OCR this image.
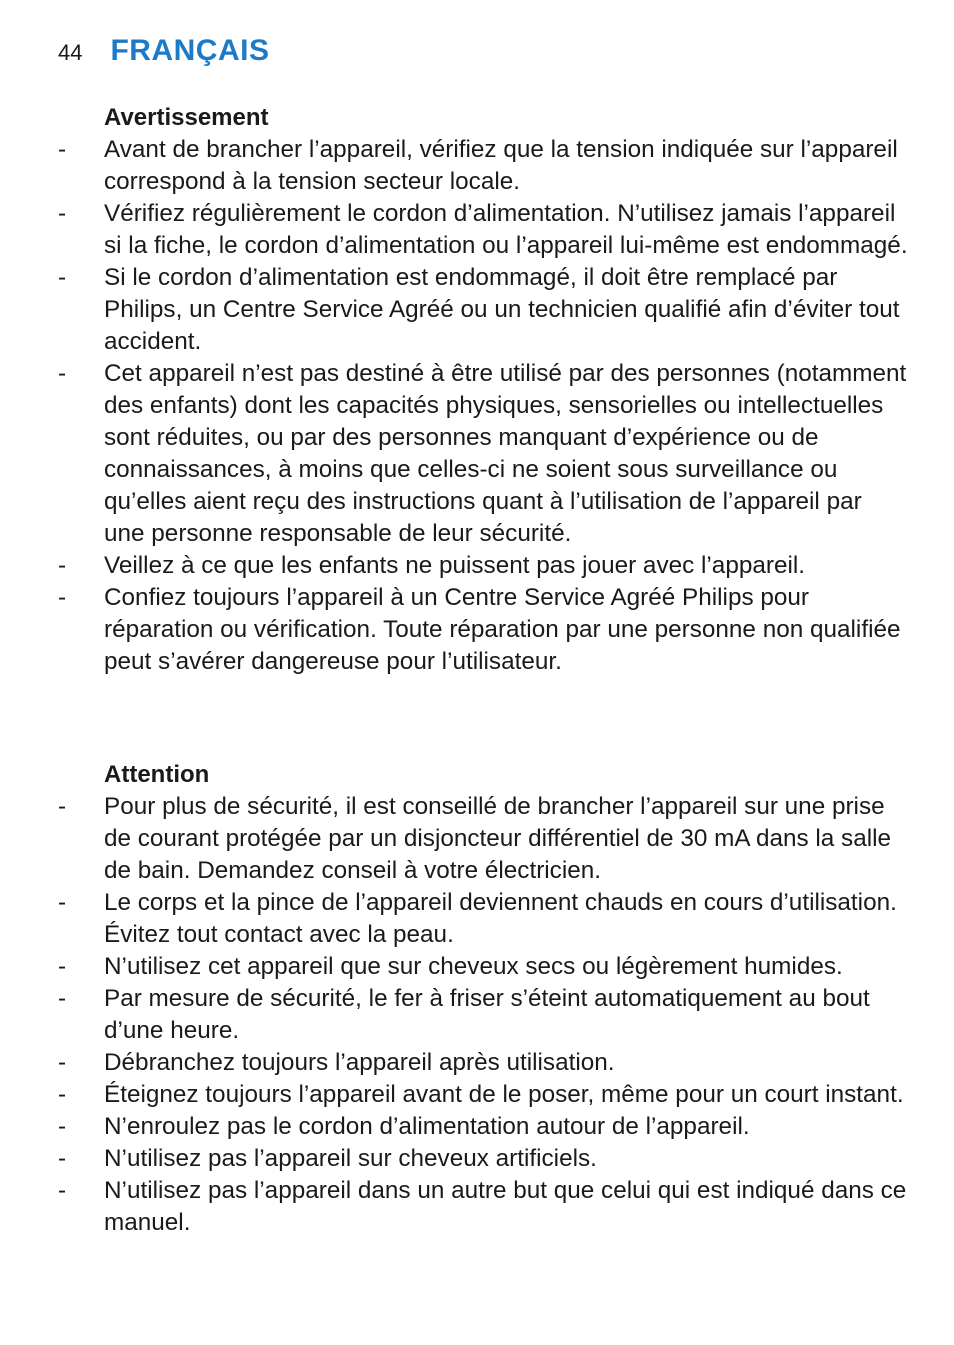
44 FRANÇAIS
Avertissement
-	Avant de brancher l’appareil, vérifiez que la tension indiquée sur l’appareil correspond à la tension secteur locale.
-	Vérifiez régulièrement le cordon d’alimentation. N’utilisez jamais l’appareil si la fiche, le cordon d’alimentation ou l’appareil lui-même est endommagé.
-	Si le cordon d’alimentation est endommagé, il doit être remplacé par Philips, un Centre Service Agréé ou un technicien qualifié afin d’éviter tout accident.
-	Cet appareil n’est pas destiné à être utilisé par des personnes (notamment des enfants) dont les capacités physiques, sensorielles ou intellectuelles sont réduites, ou par des personnes manquant d’expérience ou de connaissances, à moins que celles-ci ne soient sous surveillance ou qu’elles aient reçu des instructions quant à l’utilisation de l’appareil par une personne responsable de leur sécurité.
-	Veillez à ce que les enfants ne puissent pas jouer avec l’appareil.
-	Confiez toujours l’appareil à un Centre Service Agréé Philips pour réparation ou vérification. Toute réparation par une personne non qualifiée peut s’avérer dangereuse pour l’utilisateur.
Attention
-	Pour plus de sécurité, il est conseillé de brancher l’appareil sur une prise de courant protégée par un disjoncteur différentiel de 30 mA dans la salle de bain. Demandez conseil à votre électricien.
-	Le corps et la pince de l’appareil deviennent chauds en cours d’utilisation. Évitez tout contact avec la peau.
-	N’utilisez cet appareil que sur cheveux secs ou légèrement humides.
-	Par mesure de sécurité, le fer à friser s’éteint automatiquement au bout d’une heure.
-	Débranchez toujours l’appareil après utilisation.
-	Éteignez toujours l’appareil avant de le poser, même pour un court instant.
-	N’enroulez pas le cordon d’alimentation autour de l’appareil.
-	N’utilisez pas l’appareil sur cheveux artificiels.
-	N’utilisez pas l’appareil dans un autre but que celui qui est indiqué dans ce manuel.
